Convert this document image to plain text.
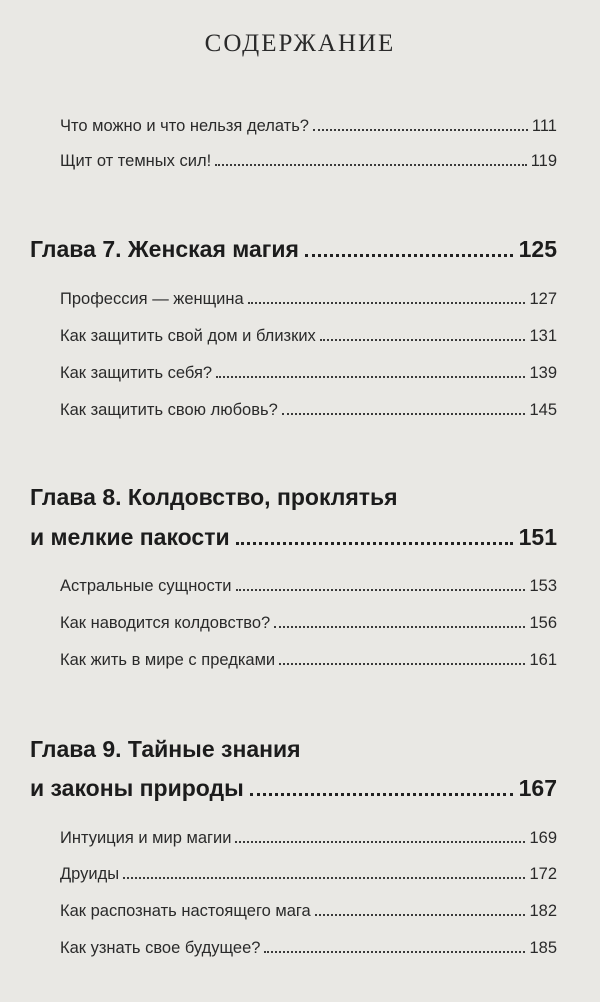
СОДЕРЖАНИЕ
Что можно и что нельзя делать?	111
Щит от темных сил!	119
Глава 7. Женская магия	125
Профессия — женщина	127
Как защитить свой дом и близких	131
Как защитить себя?	139
Как защитить свою любовь?	145
Глава 8. Колдовство, проклятья
и мелкие пакости	151
Астральные сущности	153
Как наводится колдовство?	156
Как жить в мире с предками	161
Глава 9. Тайные знания
и законы природы	167
Интуиция и мир магии	169
Друиды	172
Как распознать настоящего мага	182
Как узнать свое будущее?	185
